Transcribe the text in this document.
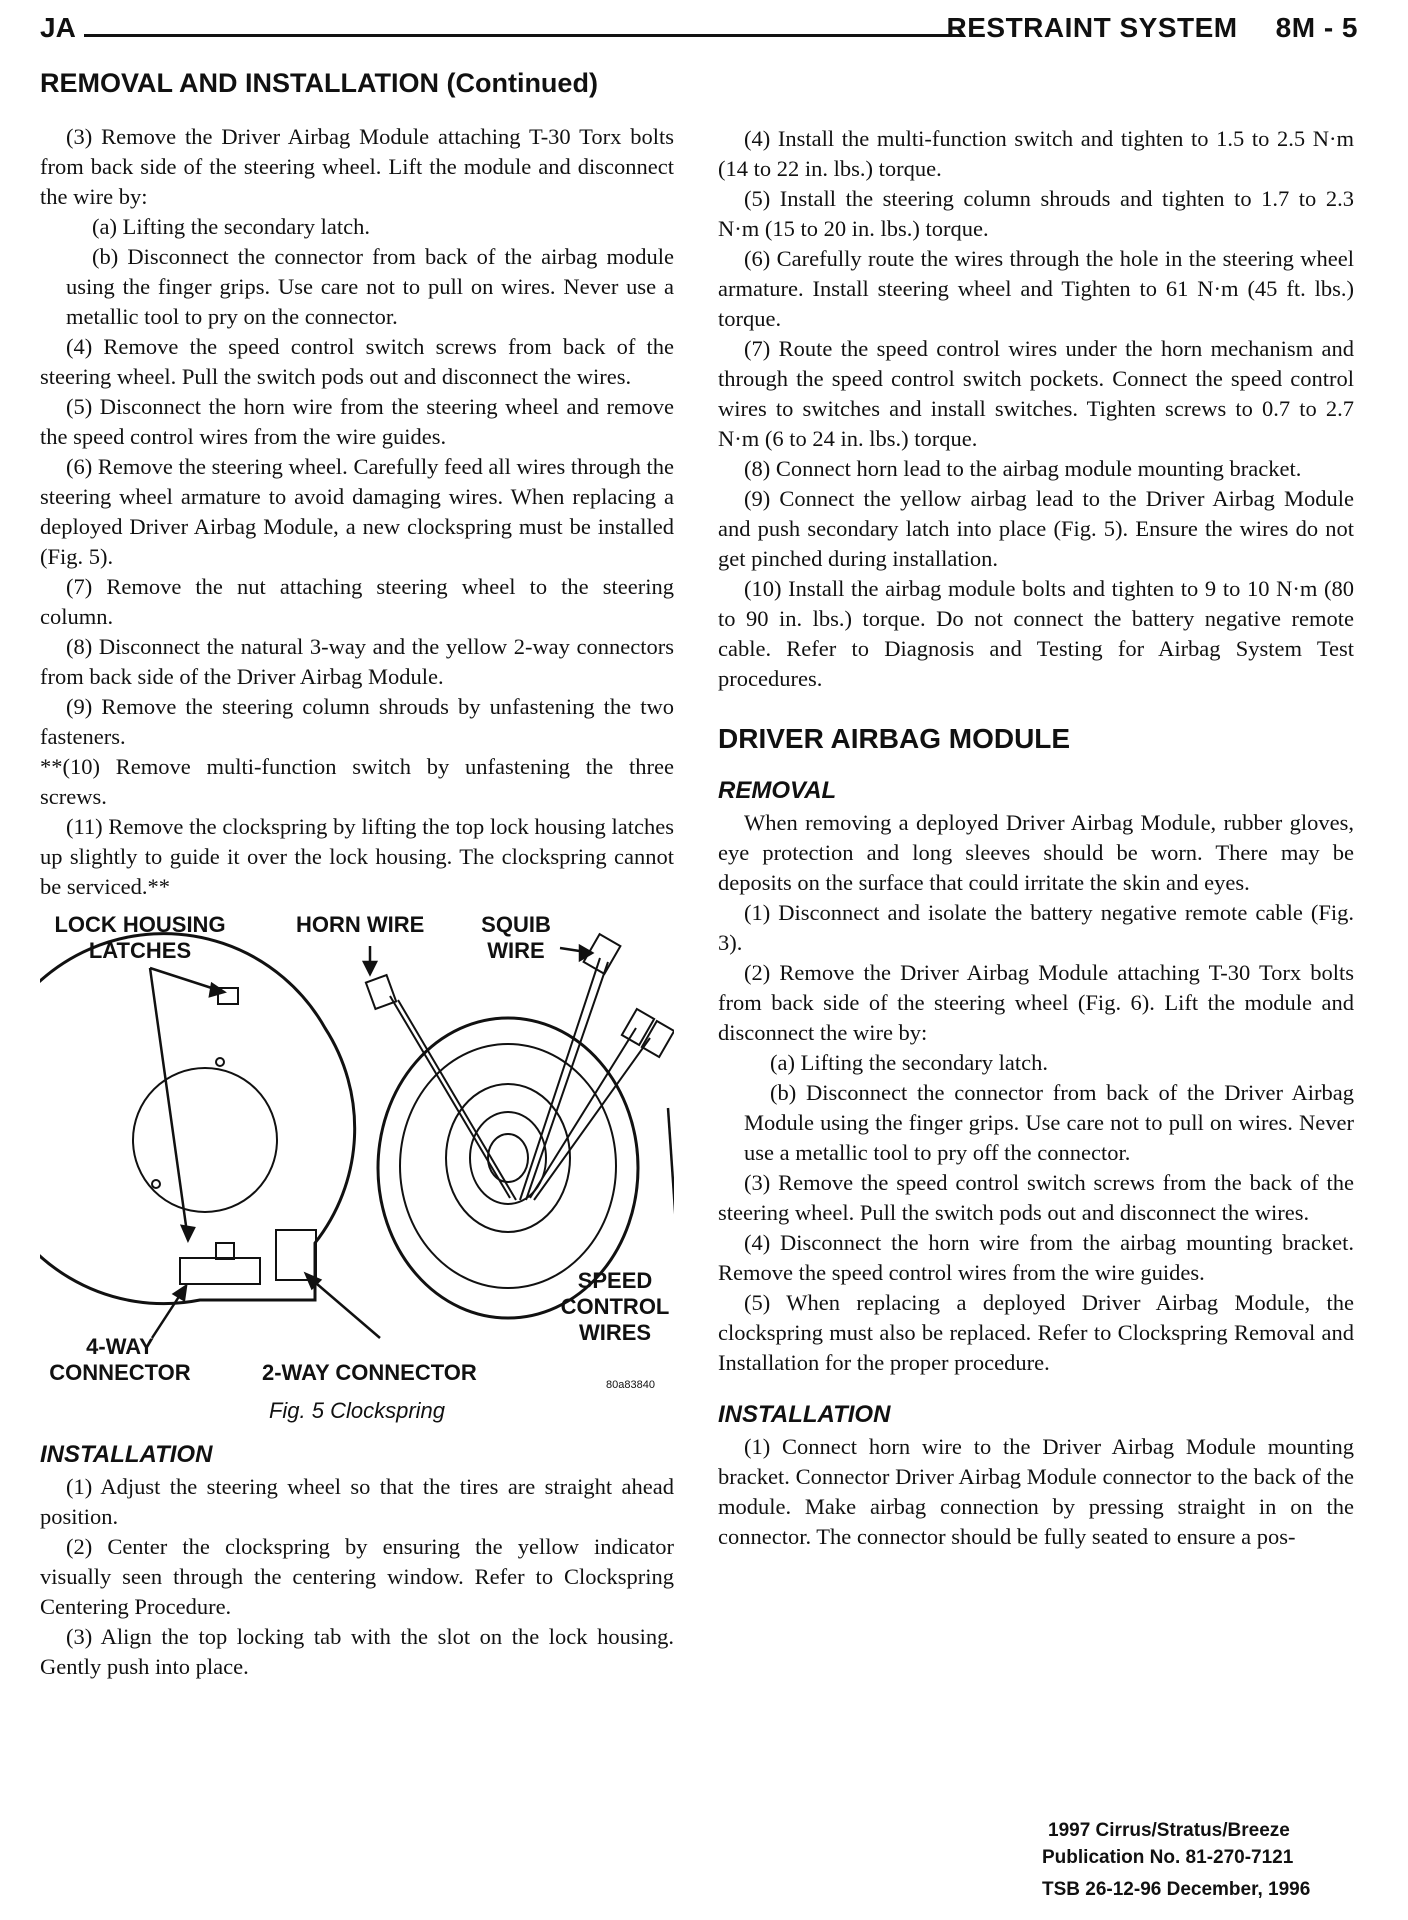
JA	RESTRAINT SYSTEM 8M - 5
REMOVAL AND INSTALLATION (Continued)

(3) Remove the Driver Airbag Module attaching T-30 Torx bolts from back side of the steering wheel. Lift the module and disconnect the wire by:

(a) Lifting the secondary latch.

(b) Disconnect the connector from back of the airbag module using the finger grips. Use care not to pull on wires. Never use a metallic tool to pry on the connector.

(4) Remove the speed control switch screws from back of the steering wheel. Pull the switch pods out and disconnect the wires.

(5) Disconnect the horn wire from the steering wheel and remove the speed control wires from the wire guides.

(6) Remove the steering wheel. Carefully feed all wires through the steering wheel armature to avoid damaging wires. When replacing a deployed Driver Airbag Module, a new clockspring must be installed (Fig. 5).

(7) Remove the nut attaching steering wheel to the steering column.

(8) Disconnect the natural 3-way and the yellow 2-way connectors from back side of the Driver Airbag Module.

(9) Remove the steering column shrouds by unfastening the two fasteners.

**(10) Remove multi-function switch by unfastening the three screws.

(11) Remove the clockspring by lifting the top lock housing latches up slightly to guide it over the lock housing. The clockspring cannot be serviced.**

LOCK HOUSING
LATCHES
HORN WIRE	SQUIB
WIRE
SPEED
CONTROL
WIRES
4-WAY
CONNECTOR	2-WAY CONNECTOR	80a83840
Fig. 5 Clockspring
INSTALLATION

(1) Adjust the steering wheel so that the tires are straight ahead position.

(2) Center the clockspring by ensuring the yellow indicator visually seen through the centering window. Refer to Clockspring Centering Procedure.

(3) Align the top locking tab with the slot on the lock housing. Gently push into place.

(4) Install the multi-function switch and tighten to 1.5 to 2.5 N·m (14 to 22 in. lbs.) torque.

(5) Install the steering column shrouds and tighten to 1.7 to 2.3 N·m (15 to 20 in. lbs.) torque.

(6) Carefully route the wires through the hole in the steering wheel armature. Install steering wheel and Tighten to 61 N·m (45 ft. lbs.) torque.

(7) Route the speed control wires under the horn mechanism and through the speed control switch pockets. Connect the speed control wires to switches and install switches. Tighten screws to 0.7 to 2.7 N·m (6 to 24 in. lbs.) torque.

(8) Connect horn lead to the airbag module mounting bracket.

(9) Connect the yellow airbag lead to the Driver Airbag Module and push secondary latch into place (Fig. 5). Ensure the wires do not get pinched during installation.

(10) Install the airbag module bolts and tighten to 9 to 10 N·m (80 to 90 in. lbs.) torque. Do not connect the battery negative remote cable. Refer to Diagnosis and Testing for Airbag System Test procedures.

DRIVER AIRBAG MODULE
REMOVAL

When removing a deployed Driver Airbag Module, rubber gloves, eye protection and long sleeves should be worn. There may be deposits on the surface that could irritate the skin and eyes.

(1) Disconnect and isolate the battery negative remote cable (Fig. 3).

(2) Remove the Driver Airbag Module attaching T-30 Torx bolts from back side of the steering wheel (Fig. 6). Lift the module and disconnect the wire by:

(a) Lifting the secondary latch.

(b) Disconnect the connector from back of the Driver Airbag Module using the finger grips. Use care not to pull on wires. Never use a metallic tool to pry off the connector.

(3) Remove the speed control switch screws from the back of the steering wheel. Pull the switch pods out and disconnect the wires.

(4) Disconnect the horn wire from the airbag mounting bracket. Remove the speed control wires from the wire guides.

(5) When replacing a deployed Driver Airbag Module, the clockspring must also be replaced. Refer to Clockspring Removal and Installation for the proper procedure.

INSTALLATION

(1) Connect horn wire to the Driver Airbag Module mounting bracket. Connector Driver Airbag Module connector to the back of the module. Make airbag connection by pressing straight in on the connector. The connector should be fully seated to ensure a pos-

1997 Cirrus/Stratus/Breeze
Publication No. 81-270-7121
TSB 26-12-96 December, 1996
